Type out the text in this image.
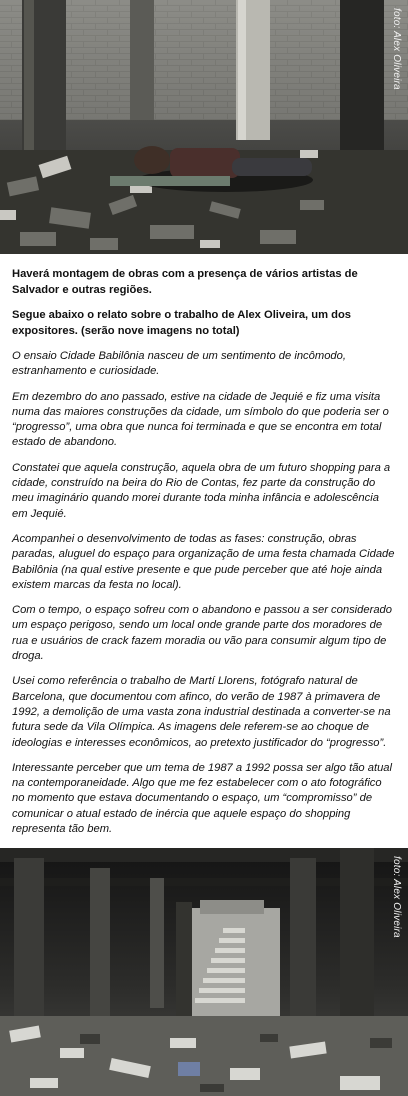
foto: Alex Oliveira

Haverá montagem de obras com a presença de vários artistas de Salvador e outras regiões.

Segue abaixo o relato sobre o trabalho de Alex Oliveira, um dos expositores. (serão nove imagens no total)

O ensaio Cidade Babilônia nasceu de um sentimento de incômodo, estranhamento e curiosidade.

Em dezembro do ano passado, estive na cidade de Jequié e fiz uma visita numa das maiores construções da cidade, um símbolo do que poderia ser o “progresso”, uma obra que nunca foi terminada e que se encontra em total estado de abandono.

Constatei que aquela construção, aquela obra de um futuro shopping para a cidade, construído na beira do Rio de Contas, fez parte da construção do meu imaginário quando morei durante toda minha infância e adolescência em Jequié.

Acompanhei o desenvolvimento de todas as fases: construção, obras paradas, aluguel do espaço para organização de uma festa chamada Cidade Babilônia (na qual estive presente e que pude perceber que até hoje ainda existem marcas da festa no local).

Com o tempo, o espaço sofreu com o abandono e passou a ser considerado um espaço perigoso, sendo um local onde grande parte dos moradores de rua e usuários de crack fazem moradia ou vão para consumir algum tipo de droga.

Usei como referência o trabalho de Martí Llorens, fotógrafo natural de Barcelona, que documentou com afinco, do verão de 1987 à primavera de 1992, a demolição de uma vasta zona industrial destinada a converter-se na futura sede da Vila Olímpica. As imagens dele referem-se ao choque de ideologias e interesses econômicos, ao pretexto justificador do “progresso”.

Interessante perceber que um tema de 1987 a 1992 possa ser algo tão atual na contemporaneidade. Algo que me fez estabelecer com o ato fotográfico no momento que estava documentando o espaço, um “compromisso” de comunicar o atual estado de inércia que aquele espaço do shopping representa tão bem.

foto: Alex Oliveira
